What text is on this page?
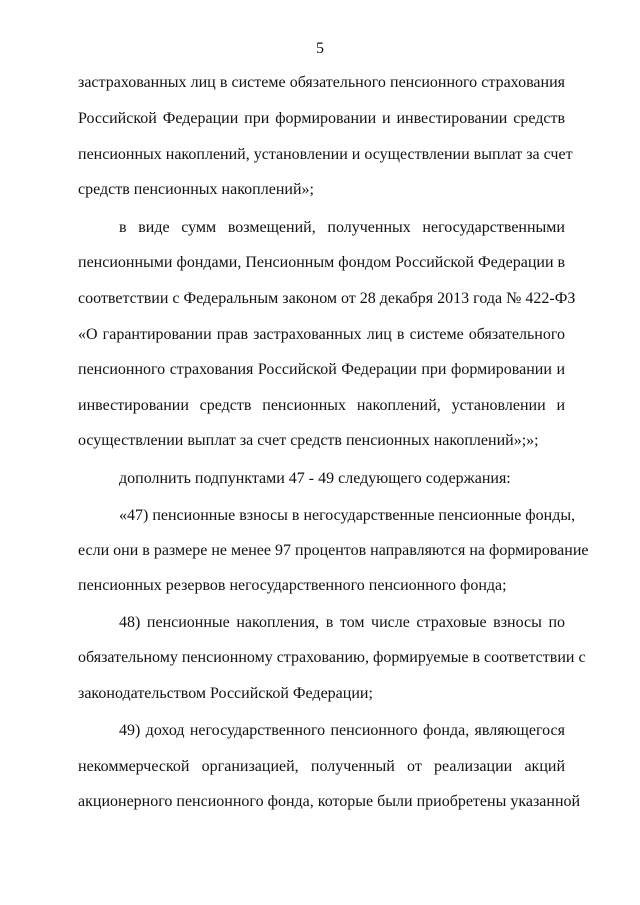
5
застрахованных лиц в системе обязательного пенсионного страхования
Российской Федерации при формировании и инвестировании средств
пенсионных накоплений, установлении и осуществлении выплат за счет
средств пенсионных накоплений»;
в виде сумм возмещений, полученных негосударственными
пенсионными фондами, Пенсионным фондом Российской Федерации в
соответствии с Федеральным законом от 28 декабря 2013 года № 422-ФЗ
«О гарантировании прав застрахованных лиц в системе обязательного
пенсионного страхования Российской Федерации при формировании и
инвестировании средств пенсионных накоплений, установлении и
осуществлении выплат за счет средств пенсионных накоплений»;»;
дополнить подпунктами 47 - 49 следующего содержания:
«47) пенсионные взносы в негосударственные пенсионные фонды,
если они в размере не менее 97 процентов направляются на формирование
пенсионных резервов негосударственного пенсионного фонда;
48) пенсионные накопления, в том числе страховые взносы по
обязательному пенсионному страхованию, формируемые в соответствии с
законодательством Российской Федерации;
49) доход негосударственного пенсионного фонда, являющегося
некоммерческой организацией, полученный от реализации акций
акционерного пенсионного фонда, которые были приобретены указанной
